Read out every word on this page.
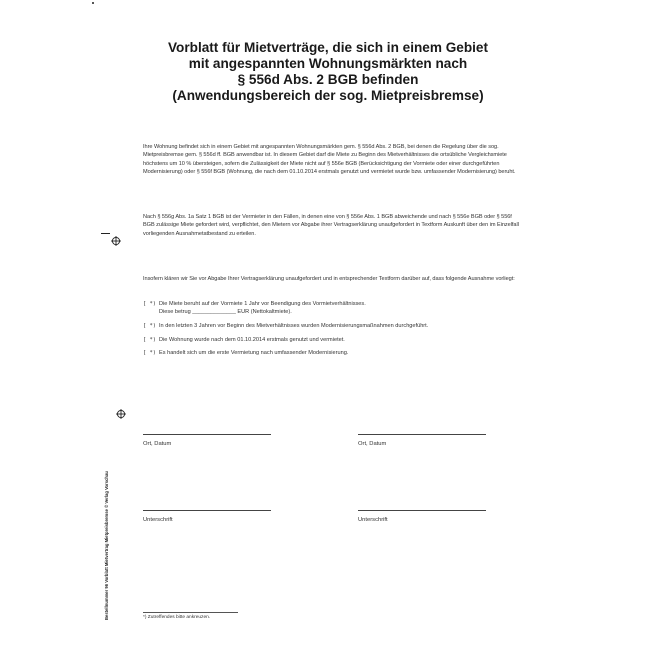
Vorblatt für Mietverträge, die sich in einem Gebiet
mit angespannten Wohnungsmärkten nach
§ 556d Abs. 2 BGB befinden
(Anwendungsbereich der sog. Mietpreisbremse)
Ihre Wohnung befindet sich in einem Gebiet mit angespannten Wohnungsmärkten gem. § 556d Abs. 2 BGB, bei denen die Regelung über die sog. Mietpreisbremse gem. § 556d ff. BGB anwendbar ist. In diesem Gebiet darf die Miete zu Beginn des Mietverhältnisses die ortsübliche Vergleichsmiete höchstens um 10 % übersteigen, sofern die Zulässigkeit der Miete nicht auf § 556e BGB (Berücksichtigung der Vormiete oder einer durchgeführten Modernisierung) oder § 556f BGB (Wohnung, die nach dem 01.10.2014 erstmals genutzt und vermietet wurde bzw. umfassender Modernisierung) beruht.
Nach § 556g Abs. 1a Satz 1 BGB ist der Vermieter in den Fällen, in denen eine von § 556e Abs. 1 BGB abweichende und nach § 556e BGB oder § 556f BGB zulässige Miete gefordert wird, verpflichtet, den Mietern vor Abgabe ihrer Vertragserklärung unaufgefordert in Textform Auskunft über den im Einzelfall vorliegenden Ausnahmetatbestand zu erteilen.
Insofern klären wir Sie vor Abgabe Ihrer Vertragserklärung unaufgefordert und in entsprechender Textform darüber auf, dass folgende Ausnahme vorliegt:
[ *) Die Miete beruht auf der Vormiete 1 Jahr vor Beendigung des Vormietverhältnisses.
Diese betrug ______________ EUR (Nettokaltmiete).
[ *) In den letzten 3 Jahren vor Beginn des Mietverhältnisses wurden Modernisierungsmaßnahmen durchgeführt.
[ *) Die Wohnung wurde nach dem 01.10.2014 erstmals genutzt und vermietet.
[ *) Es handelt sich um die erste Vermietung nach umfassender Modernisierung.
Ort, Datum	Ort, Datum
Unterschrift	Unterschrift
Bestellnummer 96 Vorblatt Mietvertrag Mietpreisbremse © Verlag Vorschau	*) Zutreffendes bitte ankreuzen.
